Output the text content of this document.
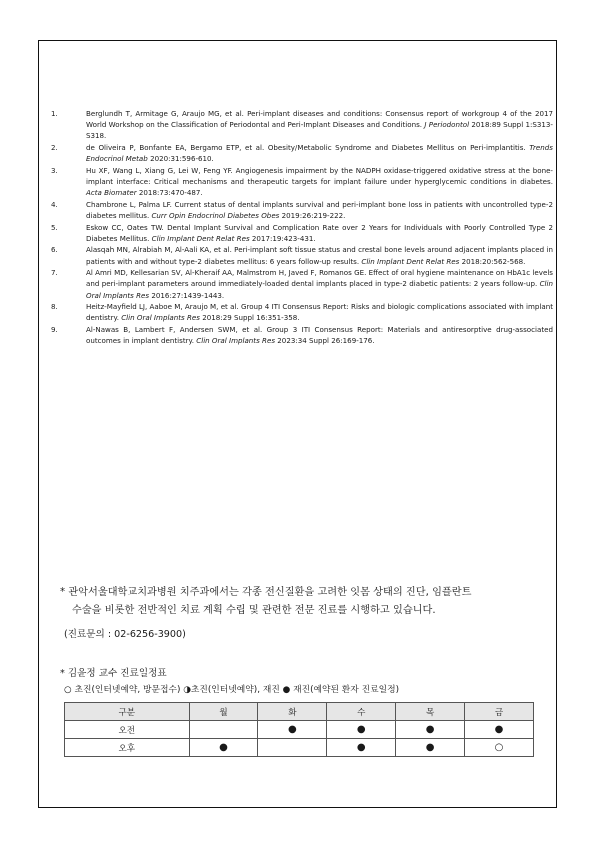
1.	Berglundh T, Armitage G, Araujo MG, et al. Peri-implant diseases and conditions: Consensus report of workgroup 4 of the 2017 World Workshop on the Classification of Periodontal and Peri-Implant Diseases and Conditions. J Periodontol 2018:89 Suppl 1:S313-S318.
2.	de Oliveira P, Bonfante EA, Bergamo ETP, et al. Obesity/Metabolic Syndrome and Diabetes Mellitus on Peri-implantitis. Trends Endocrinol Metab 2020:31:596-610.
3.	Hu XF, Wang L, Xiang G, Lei W, Feng YF. Angiogenesis impairment by the NADPH oxidase-triggered oxidative stress at the bone-implant interface: Critical mechanisms and therapeutic targets for implant failure under hyperglycemic conditions in diabetes. Acta Biomater 2018:73:470-487.
4.	Chambrone L, Palma LF. Current status of dental implants survival and peri-implant bone loss in patients with uncontrolled type-2 diabetes mellitus. Curr Opin Endocrinol Diabetes Obes 2019:26:219-222.
5.	Eskow CC, Oates TW. Dental Implant Survival and Complication Rate over 2 Years for Individuals with Poorly Controlled Type 2 Diabetes Mellitus. Clin Implant Dent Relat Res 2017:19:423-431.
6.	Alasqah MN, Alrabiah M, Al-Aali KA, et al. Peri-implant soft tissue status and crestal bone levels around adjacent implants placed in patients with and without type-2 diabetes mellitus: 6 years follow-up results. Clin Implant Dent Relat Res 2018:20:562-568.
7.	Al Amri MD, Kellesarian SV, Al-Kheraif AA, Malmstrom H, Javed F, Romanos GE. Effect of oral hygiene maintenance on HbA1c levels and peri-implant parameters around immediately-loaded dental implants placed in type-2 diabetic patients: 2 years follow-up. Clin Oral Implants Res 2016:27:1439-1443.
8.	Heitz-Mayfield LJ, Aaboe M, Araujo M, et al. Group 4 ITI Consensus Report: Risks and biologic complications associated with implant dentistry. Clin Oral Implants Res 2018:29 Suppl 16:351-358.
9.	Al-Nawas B, Lambert F, Andersen SWM, et al. Group 3 ITI Consensus Report: Materials and antiresorptive drug-associated outcomes in implant dentistry. Clin Oral Implants Res 2023:34 Suppl 26:169-176.
* 관악서울대학교치과병원 치주과에서는 각종 전신질환을 고려한 잇몸 상태의 진단, 임플란트
수술을 비롯한 전반적인 치료 계획 수립 및 관련한 전문 진료를 시행하고 있습니다.
(진료문의 : 02-6256-3900)
* 김윤정 교수 진료일정표
○ 초진(인터넷예약, 방문접수) ◑초진(인터넷예약), 재진 ● 재진(예약된 환자 진료일정)
구분	월	화	수	목	금
오전		●	●	●	●
오후	●		●	●	○
